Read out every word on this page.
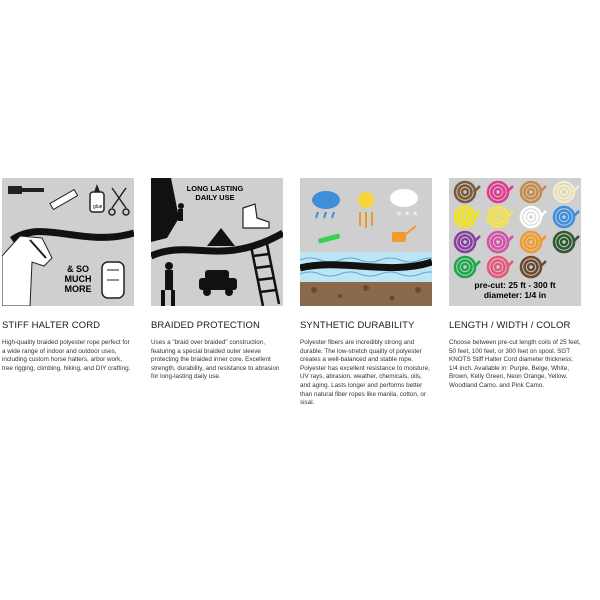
& SO
MUCH
MORE
glue
STIFF HALTER CORD
High-quality braided polyester rope perfect for a wide range of indoor and outdoor uses, including custom horse halters, arbor work, tree rigging, climbing, hiking, and DIY crafting.
LONG LASTING
DAILY USE
BRAIDED PROTECTION
Uses a "braid over braided" construction, featuring a special braided outer sleeve protecting the braided inner core. Excellent strength, durability, and resistance to abrasion for long-lasting daily use.
✳ ✳ ✳
SYNTHETIC DURABILITY
Polyester fibers are incredibly strong and durable. The low-stretch quality of polyester creates a well-balanced and stable rope. Polyester has excellent resistance to moisture, UV rays, abrasion, weather, chemicals, oils, and aging. Lasts longer and performs better than natural fiber ropes like manila, cotton, or sisal.
pre-cut: 25 ft - 300 ft
diameter: 1/4 in
LENGTH / WIDTH / COLOR
Choose between pre-cut length coils of 25 feet, 50 feet, 100 feet, or 300 feet on spool. SGT KNOTS Stiff Halter Cord diameter thickness: 1/4 inch. Available in: Purple, Beige, White, Brown, Kelly Green, Neon Orange, Yellow, Woodland Camo. and Pink Camo.
